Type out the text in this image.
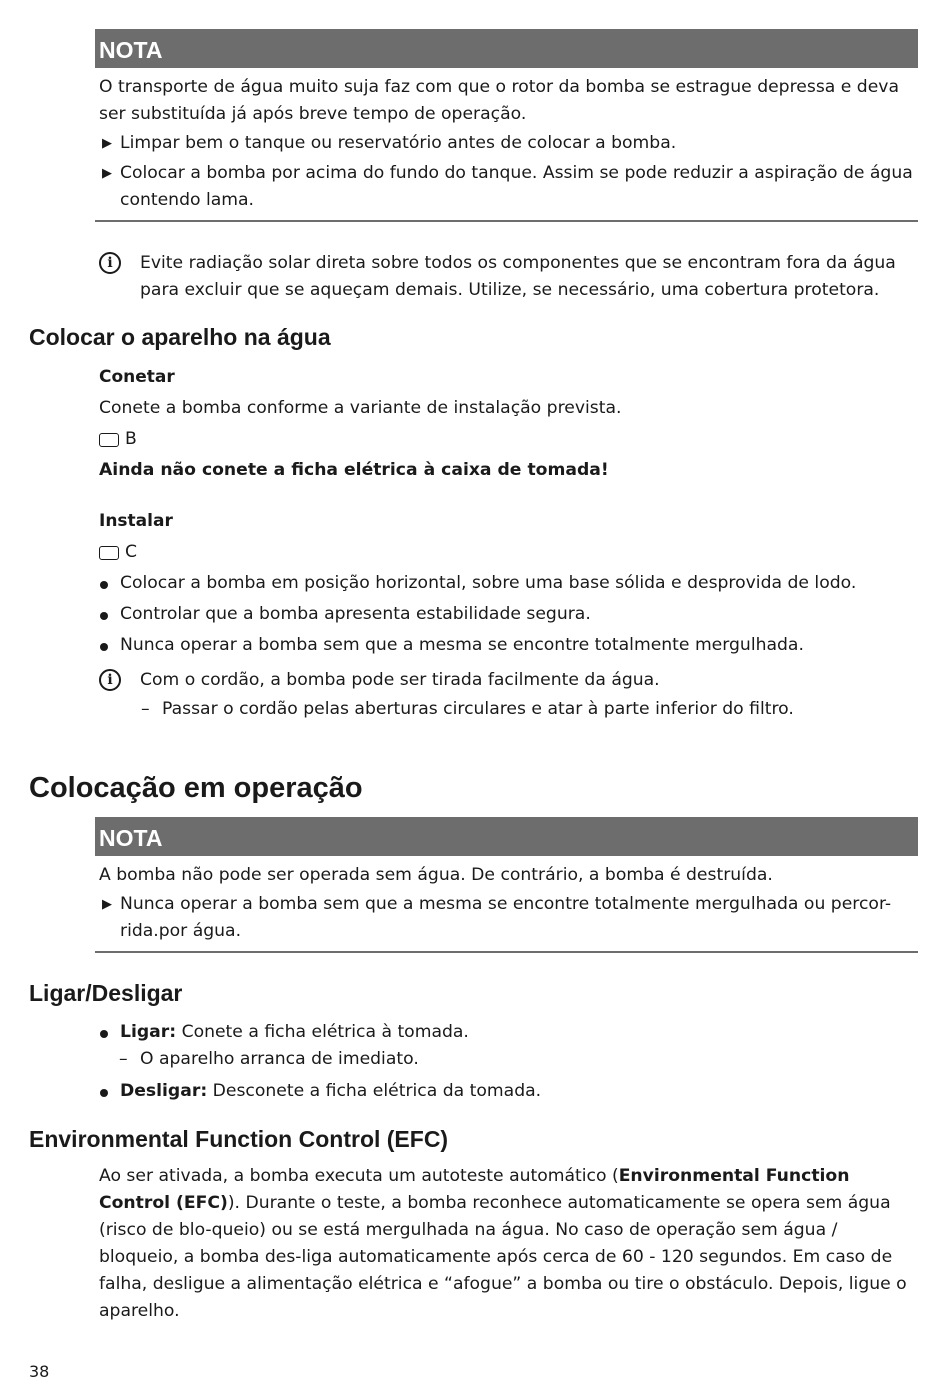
NOTA

O transporte de água muito suja faz com que o rotor da bomba se estrague depressa e deva ser substituída já após breve tempo de operação.

▶ Limpar bem o tanque ou reservatório antes de colocar a bomba.

▶ Colocar a bomba por acima do fundo do tanque. Assim se pode reduzir a aspiração de água contendo lama.

i	Evite radiação solar direta sobre todos os componentes que se encontram fora da água para excluir que se aqueçam demais. Utilize, se necessário, uma cobertura protetora.

Colocar o aparelho na água

Conetar

Conete a bomba conforme a variante de instalação prevista.

B

Ainda não conete a ficha elétrica à caixa de tomada!

Instalar

C

Colocar a bomba em posição horizontal, sobre uma base sólida e desprovida de lodo.

Controlar que a bomba apresenta estabilidade segura.

Nunca operar a bomba sem que a mesma se encontre totalmente mergulhada.

i	Com o cordão, a bomba pode ser tirada facilmente da água.

– Passar o cordão pelas aberturas circulares e atar à parte inferior do filtro.

Colocação em operação
NOTA

A bomba não pode ser operada sem água. De contrário, a bomba é destruída.

▶ Nunca operar a bomba sem que a mesma se encontre totalmente mergulhada ou percor-rida.por água.

Ligar/Desligar

Ligar: Conete a ficha elétrica à tomada.

– O aparelho arranca de imediato.

Desligar: Desconete a ficha elétrica da tomada.

Environmental Function Control (EFC)

Ao ser ativada, a bomba executa um autoteste automático (Environmental Function Control (EFC)). Durante o teste, a bomba reconhece automaticamente se opera sem água (risco de blo-queio) ou se está mergulhada na água. No caso de operação sem água / bloqueio, a bomba des-liga automaticamente após cerca de 60 - 120 segundos. Em caso de falha, desligue a alimentação elétrica e “afogue” a bomba ou tire o obstáculo. Depois, ligue o aparelho.

38
